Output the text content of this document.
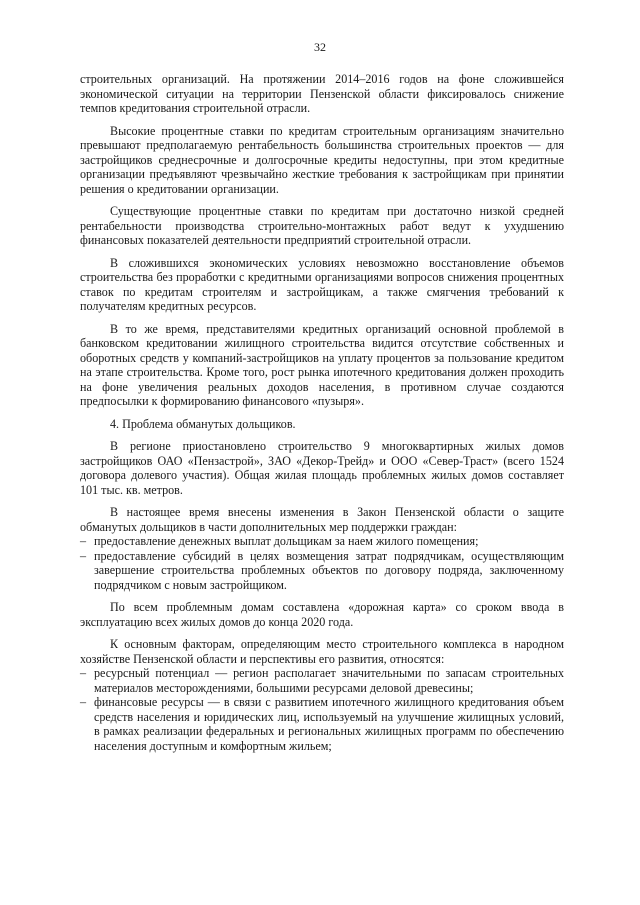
32

строительных организаций. На протяжении 2014–2016 годов на фоне сложившейся экономической ситуации на территории Пензенской области фиксировалось снижение темпов кредитования строительной отрасли.

Высокие процентные ставки по кредитам строительным организациям значительно превышают предполагаемую рентабельность большинства строительных проектов — для застройщиков среднесрочные и долгосрочные кредиты недоступны, при этом кредитные организации предъявляют чрезвычайно жесткие требования к застройщикам при принятии решения о кредитовании организации.

Существующие процентные ставки по кредитам при достаточно низкой средней рентабельности производства строительно-монтажных работ ведут к ухудшению финансовых показателей деятельности предприятий строительной отрасли.

В сложившихся экономических условиях невозможно восстановление объемов строительства без проработки с кредитными организациями вопросов снижения процентных ставок по кредитам строителям и застройщикам, а также смягчения требований к получателям кредитных ресурсов.

В то же время, представителями кредитных организаций основной проблемой в банковском кредитовании жилищного строительства видится отсутствие собственных и оборотных средств у компаний-застройщиков на уплату процентов за пользование кредитом на этапе строительства. Кроме того, рост рынка ипотечного кредитования должен проходить на фоне увеличения реальных доходов населения, в противном случае создаются предпосылки к формированию финансового «пузыря».

4. Проблема обманутых дольщиков.

В регионе приостановлено строительство 9 многоквартирных жилых домов застройщиков ОАО «Пензастрой», ЗАО «Декор-Трейд» и ООО «Север-Траст» (всего 1524 договора долевого участия). Общая жилая площадь проблемных жилых домов составляет 101 тыс. кв. метров.

В настоящее время внесены изменения в Закон Пензенской области о защите обманутых дольщиков в части дополнительных мер поддержки граждан:

– предоставление денежных выплат дольщикам за наем жилого помещения;
– предоставление субсидий в целях возмещения затрат подрядчикам, осуществляющим завершение строительства проблемных объектов по договору подряда, заключенному подрядчиком с новым застройщиком.

По всем проблемным домам составлена «дорожная карта» со сроком ввода в эксплуатацию всех жилых домов до конца 2020 года.

К основным факторам, определяющим место строительного комплекса в народном хозяйстве Пензенской области и перспективы его развития, относятся:

– ресурсный потенциал — регион располагает значительными по запасам строительных материалов месторождениями, большими ресурсами деловой древесины;
– финансовые ресурсы — в связи с развитием ипотечного жилищного кредитования объем средств населения и юридических лиц, используемый на улучшение жилищных условий, в рамках реализации федеральных и региональных жилищных программ по обеспечению населения доступным и комфортным жильем;
